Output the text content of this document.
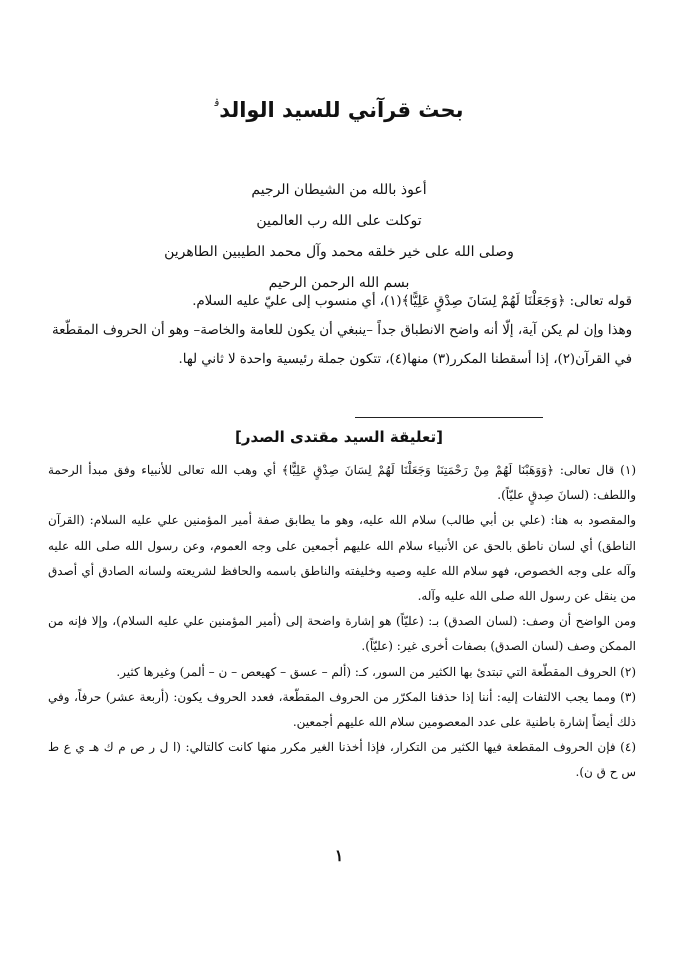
بحث قرآني للسيد الوالد$^ﭬ$
أعوذ بالله من الشيطان الرجيم
توكلت على الله رب العالمين
وصلى الله على خير خلقه محمد وآل محمد الطيبين الطاهرين
بسم الله الرحمن الرحيم

قوله تعالى: ﴿وَجَعَلْنَا لَهُمْ لِسَانَ صِدْقٍ عَلِيًّا﴾(١)، أي منسوب إلى عليّ عليه السلام.

وهذا وإن لم يكن آية، إلّا أنه واضح الانطباق جداً –ينبغي أن يكون للعامة والخاصة– وهو أن الحروف المقطّعة في القرآن(٢)، إذا أسقطنا المكرر(٣) منها(٤)، تتكون جملة رئيسية واحدة لا ثاني لها.

[تعليقة السيد مقتدى الصدر]

(١) قال تعالى: ﴿وَوَهَبْنَا لَهُمْ مِنْ رَحْمَتِنَا وَجَعَلْنَا لَهُمْ لِسَانَ صِدْقٍ عَلِيًّا﴾ أي وهب الله تعالى للأنبياء وفق مبدأ الرحمة واللطف: (لسانَ صِدقٍ عليّاً).

والمقصود به هنا: (علي بن أبي طالب) سلام الله عليه، وهو ما يطابق صفة أمير المؤمنين علي عليه السلام: (القرآن الناطق) أي لسان ناطق بالحق عن الأنبياء سلام الله عليهم أجمعين على وجه العموم، وعن رسول الله صلى الله عليه وآله على وجه الخصوص، فهو سلام الله عليه وصيه وخليفته والناطق باسمه والحافظ لشريعته ولسانه الصادق أي أصدق من ينقل عن رسول الله صلى الله عليه وآله.

ومن الواضح أن وصف: (لسان الصدق) بـ: (عليّاً) هو إشارة واضحة إلى (أمير المؤمنين علي عليه السلام)، وإلا فإنه من الممكن وصف (لسان الصدق) بصفات أخرى غير: (عليّاً).

(٢) الحروف المقطّعة التي تبتدئ بها الكثير من السور، كـ: (ألم – عسق – كهيعص – ن – ألمر) وغيرها كثير.

(٣) ومما يجب الالتفات إليه: أننا إذا حذفنا المكرّر من الحروف المقطّعة، فعدد الحروف يكون: (أربعة عشر) حرفاً، وفي ذلك أيضاً إشارة باطنية على عدد المعصومين سلام الله عليهم أجمعين.

(٤) فإن الحروف المقطعة فيها الكثير من التكرار، فإذا أخذنا الغير مكرر منها كانت كالتالي: (ا ل ر ص م ك هـ ي ع ط س ح ق ن).

١
